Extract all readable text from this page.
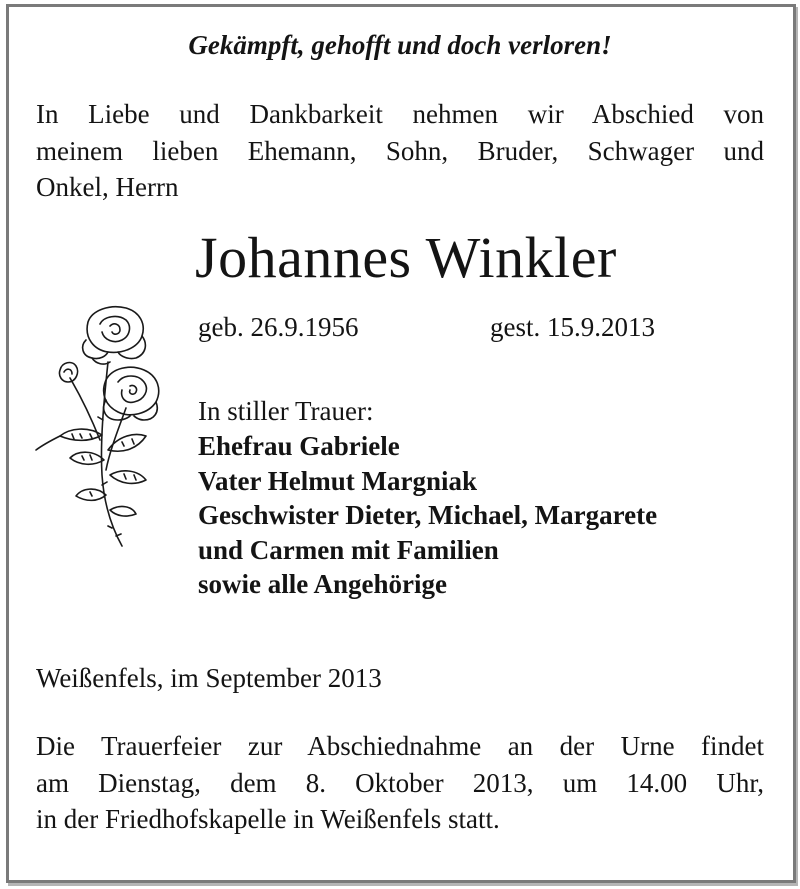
Gekämpft, gehofft und doch verloren!

In Liebe und Dankbarkeit nehmen wir Abschied von
meinem lieben Ehemann, Sohn, Bruder, Schwager und
Onkel, Herrn

Johannes Winkler
geb. 26.9.1956	gest. 15.9.2013
In stiller Trauer:
Ehefrau Gabriele
Vater Helmut Margniak
Geschwister Dieter, Michael, Margarete
und Carmen mit Familien
sowie alle Angehörige
Weißenfels, im September 2013

Die Trauerfeier zur Abschiednahme an der Urne findet
am Dienstag, dem 8. Oktober 2013, um 14.00 Uhr,
in der Friedhofskapelle in Weißenfels statt.
